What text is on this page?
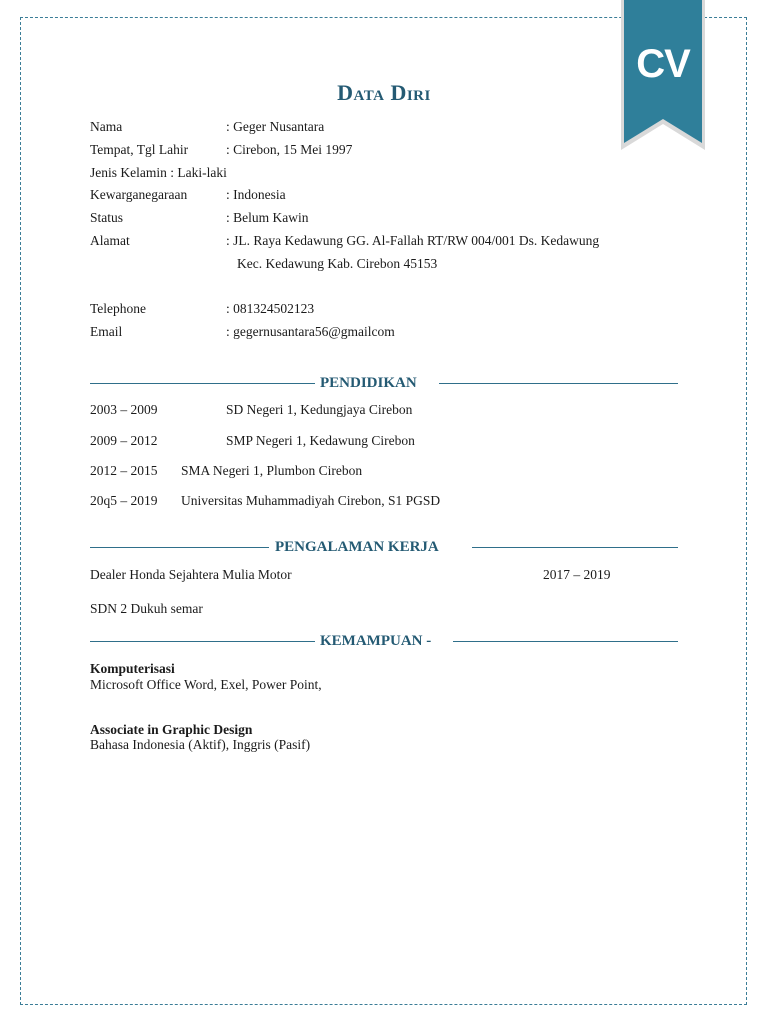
CV
Data Diri
Nama	: Geger Nusantara
Tempat, Tgl Lahir	: Cirebon, 15 Mei 1997
Jenis Kelamin : Laki-laki
Kewarganegaraan	: Indonesia
Status	: Belum Kawin
Alamat	: JL. Raya Kedawung GG. Al-Fallah RT/RW 004/001 Ds. Kedawung
Kec. Kedawung Kab. Cirebon 45153
Telephone	: 081324502123
Email	: gegernusantara56@gmailcom
PENDIDIKAN
2003 – 2009	SD Negeri 1, Kedungjaya Cirebon
2009 – 2012	SMP Negeri 1, Kedawung Cirebon
2012 – 2015 SMA Negeri 1, Plumbon Cirebon
20q5 – 2019 Universitas Muhammadiyah Cirebon, S1 PGSD
PENGALAMAN KERJA
Dealer Honda Sejahtera Mulia Motor	2017 – 2019
SDN 2 Dukuh semar
KEMAMPUAN -
Komputerisasi
Microsoft Office Word, Exel, Power Point,
Associate in Graphic Design
Bahasa Indonesia (Aktif), Inggris (Pasif)
